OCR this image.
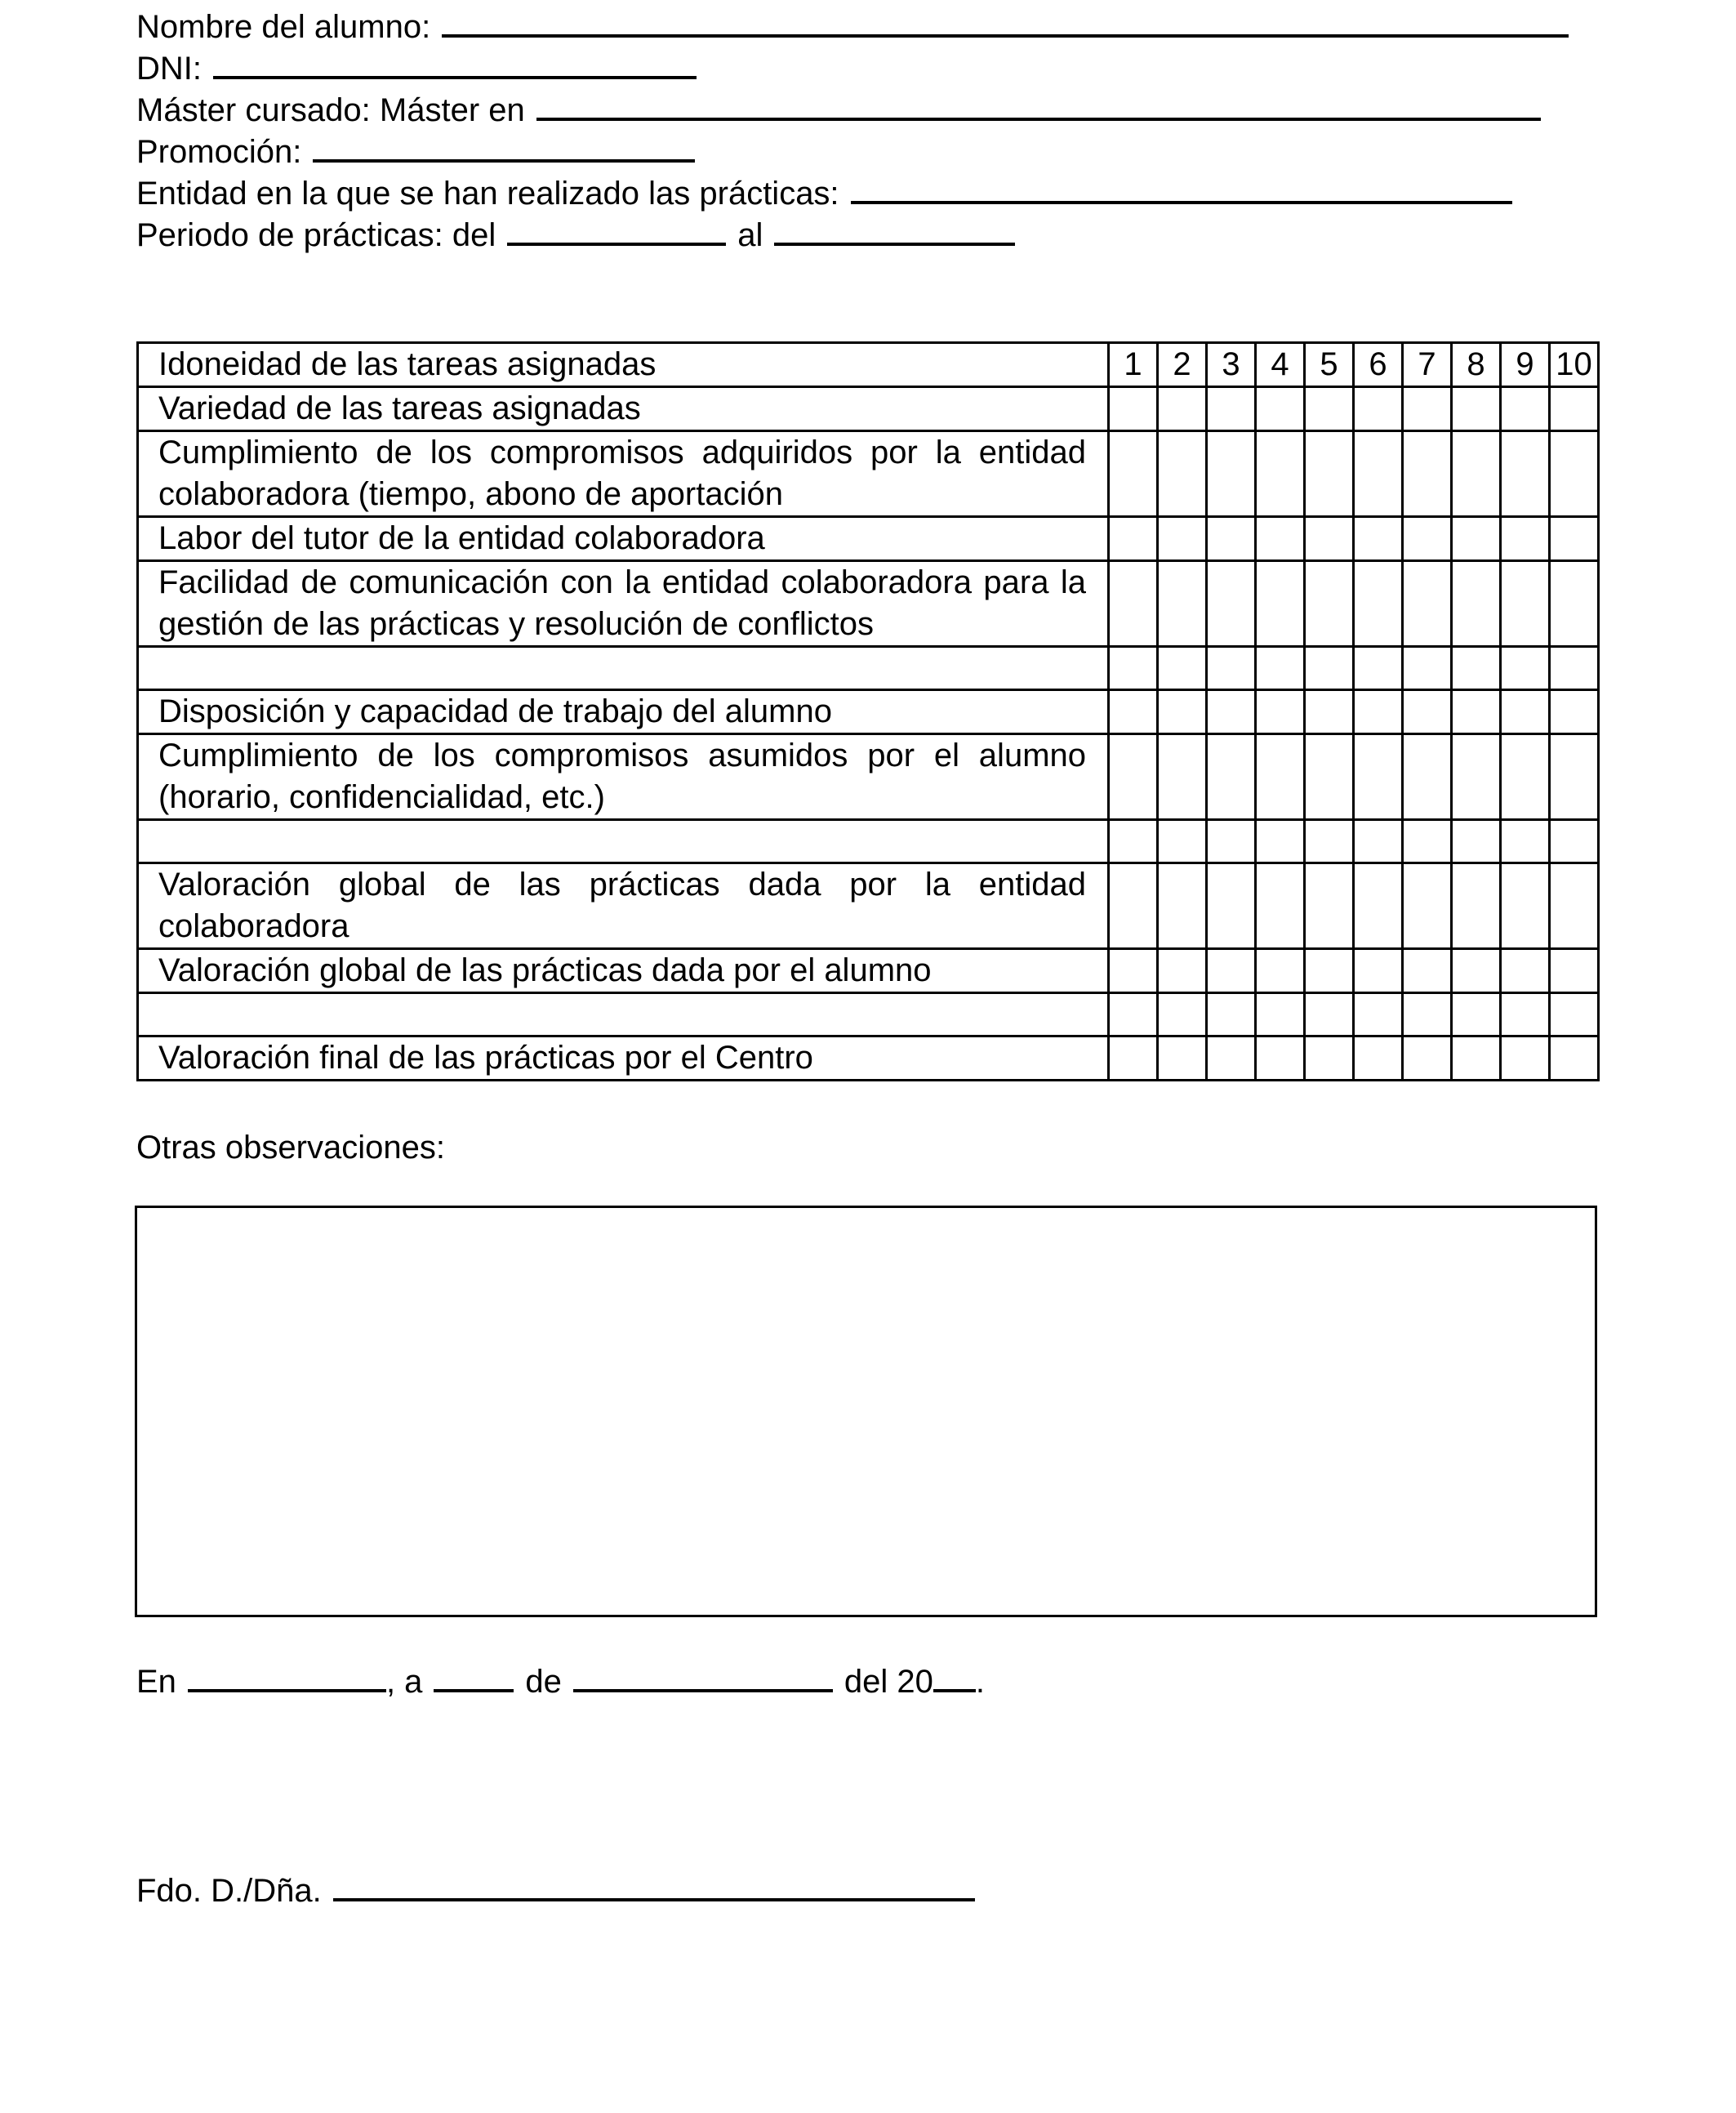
Nombre del alumno:
DNI:
Máster cursado: Máster en
Promoción:
Entidad en la que se han realizado las prácticas:
Periodo de prácticas: del	al
Idoneidad de las tareas asignadas	1	2	3	4	5	6	7	8	9	10
Variedad de las tareas asignadas										
Cumplimiento de los compromisos adquiridos por la entidad colaboradora (tiempo, abono de aportación										
Labor del tutor de la entidad colaboradora										
Facilidad de comunicación con la entidad colaboradora para la gestión de las prácticas y resolución de conflictos										

Disposición y capacidad de trabajo del alumno										
Cumplimiento de los compromisos asumidos por el alumno (horario, confidencialidad, etc.)										

Valoración global de las prácticas dada por la entidad colaboradora										
Valoración global de las prácticas dada por el alumno										

Valoración final de las prácticas por el Centro										
Otras observaciones:
En	, a	de	del 20 .
Fdo. D./Dña.
